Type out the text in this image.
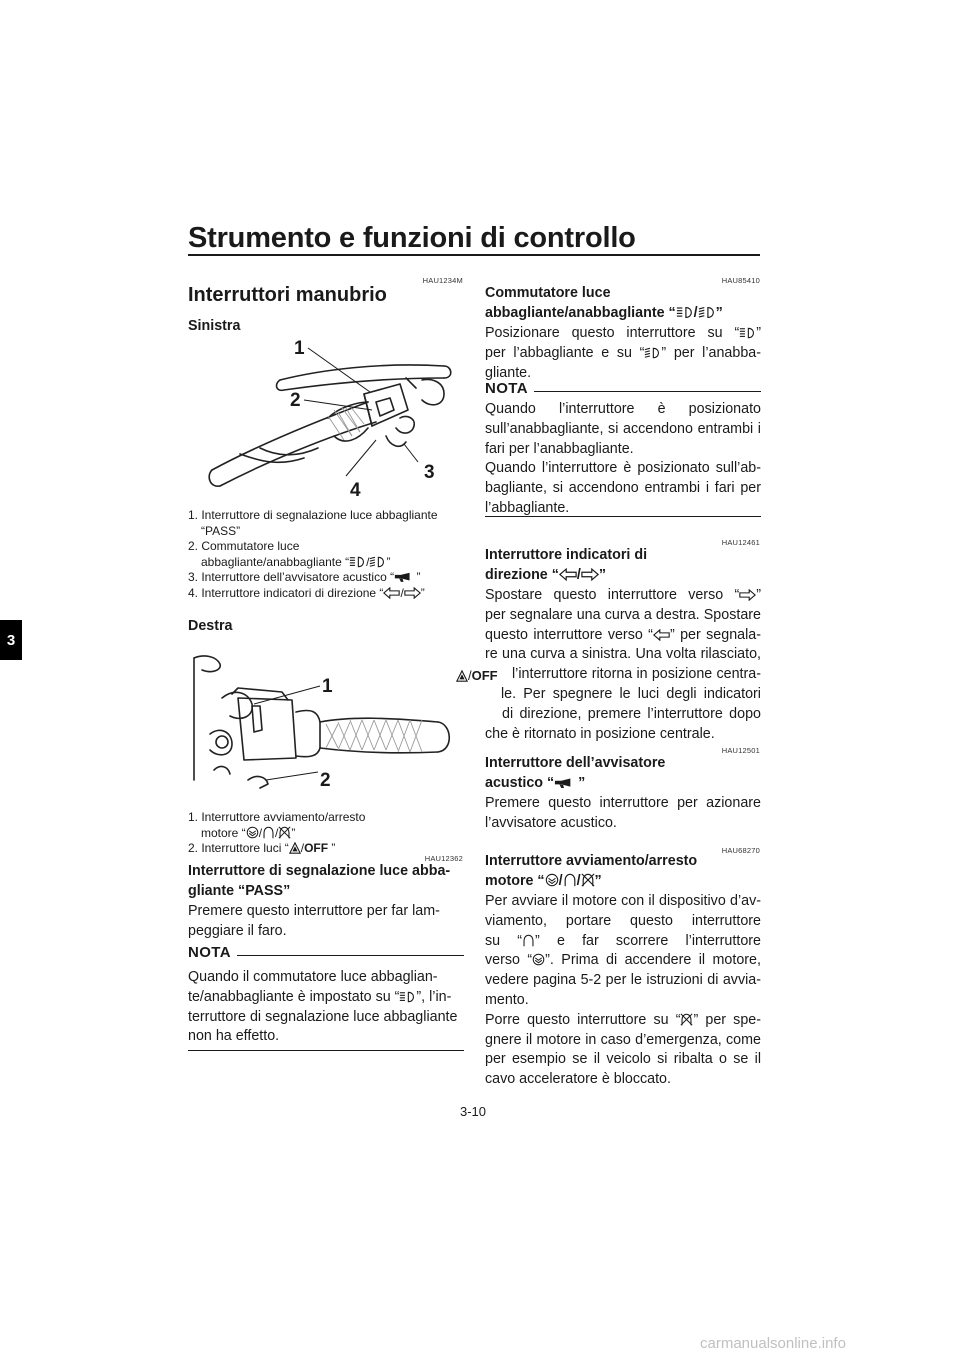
Strumento e funzioni di controllo
3
HAU1234M
Interruttori manubrio
Sinistra
1
2
3
4
1. Interruttore di segnalazione luce abbagliante
“PASS”
2. Commutatore luce
abbagliante/anabbagliante “ / ”
3. Interruttore dell’avvisatore acustico “ ”
4. Interruttore indicatori di direzione “ / ”
Destra
1
2
1. Interruttore avviamento/arresto
motore “ / / ”
2. Interruttore luci “ /OFF ”
HAU12362
Interruttore di segnalazione luce abba-
gliante “PASS”
Premere questo interruttore per far lam-
peggiare il faro.
NOTA
Quando il commutatore luce abbaglian-
te/anabbagliante è impostato su “ ”, l’in-
terruttore di segnalazione luce abbagliante
non ha effetto.
HAU85410
Commutatore luce
abbagliante/anabbagliante “ / ”
Posizionare questo interruttore su “ ”
per l’abbagliante e su “ ” per l’anabba-
gliante.
NOTA
Quando l’interruttore è posizionato
sull’anabbagliante, si accendono entrambi i
fari per l’anabbagliante.
Quando l’interruttore è posizionato sull’ab-
bagliante, si accendono entrambi i fari per
l’abbagliante.
HAU12461
Interruttore indicatori di
direzione “ / ”
Spostare questo interruttore verso “ ”
per segnalare una curva a destra. Spostare
questo interruttore verso “ ” per segnala-
re una curva a sinistra. Una volta rilasciato,
l’interruttore ritorna in posizione centra-
le. Per spegnere le luci degli indicatori
di direzione, premere l’interruttore dopo
che è ritornato in posizione centrale.
/OFF
HAU12501
Interruttore dell’avvisatore
acustico “ ”
Premere questo interruttore per azionare
l’avvisatore acustico.
HAU68270
Interruttore avviamento/arresto
motore “ / / ”
Per avviare il motore con il dispositivo d’av-
viamento, portare questo interruttore
su “ ” e far scorrere l’interruttore
verso “ ”. Prima di accendere il motore,
vedere pagina 5-2 per le istruzioni di avvia-
mento.
Porre questo interruttore su “ ” per spe-
gnere il motore in caso d’emergenza, come
per esempio se il veicolo si ribalta o se il
cavo acceleratore è bloccato.
3-10
carmanualsonline.info
